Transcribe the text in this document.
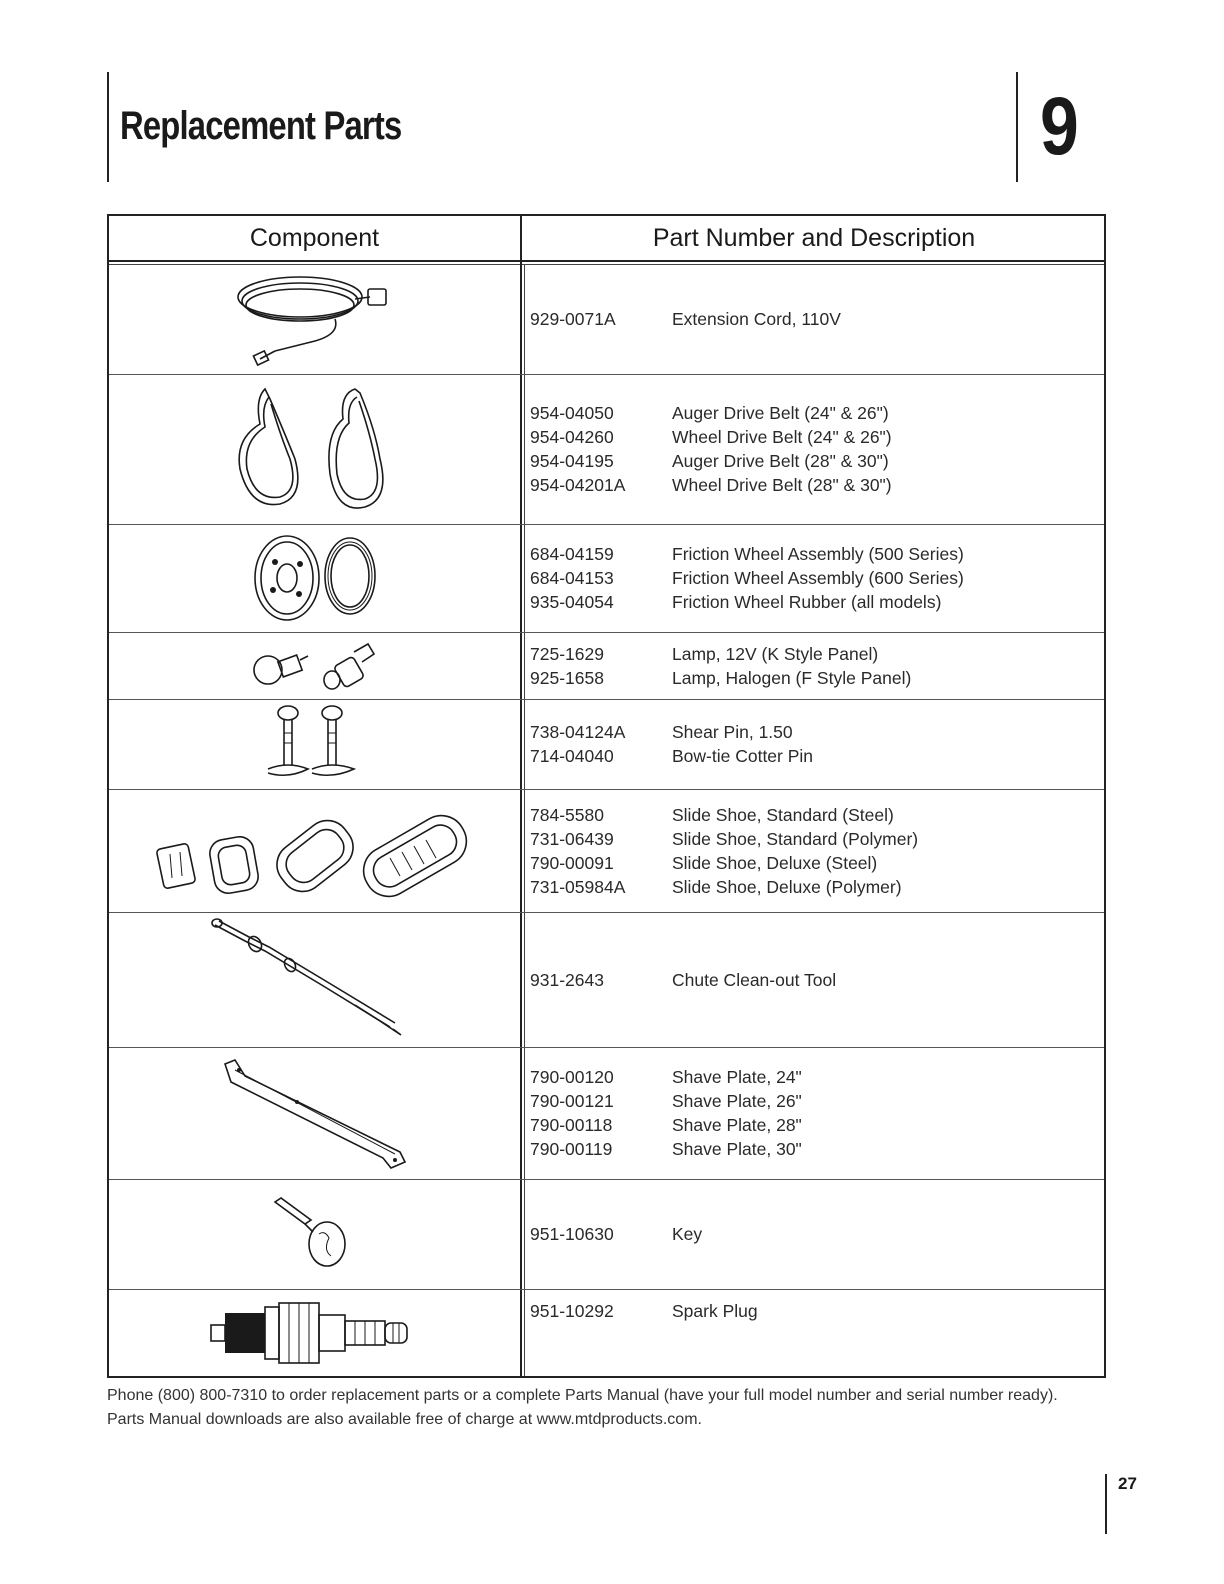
Replacement Parts	9
Component	Part Number and Description
929-0071A	Extension Cord, 110V
954-04050	Auger Drive Belt (24" & 26")
954-04260	Wheel Drive Belt (24" & 26")
954-04195	Auger Drive Belt (28" & 30")
954-04201A	Wheel Drive Belt (28" & 30")
684-04159	Friction Wheel Assembly (500 Series)
684-04153	Friction Wheel Assembly (600 Series)
935-04054	Friction Wheel Rubber (all models)
725-1629	Lamp, 12V (K Style Panel)
925-1658	Lamp, Halogen (F Style Panel)
738-04124A	Shear Pin, 1.50
714-04040	Bow-tie Cotter Pin
784-5580	Slide Shoe, Standard (Steel)
731-06439	Slide Shoe, Standard (Polymer)
790-00091	Slide Shoe, Deluxe (Steel)
731-05984A	Slide Shoe, Deluxe (Polymer)
931-2643	Chute Clean-out Tool
790-00120	Shave Plate, 24"
790-00121	Shave Plate, 26"
790-00118	Shave Plate, 28"
790-00119	Shave Plate, 30"
951-10630	Key
951-10292	Spark Plug
Phone (800) 800-7310 to order replacement parts or a complete Parts Manual (have your full model number and serial number ready).
Parts Manual downloads are also available free of charge at www.mtdproducts.com.
27
